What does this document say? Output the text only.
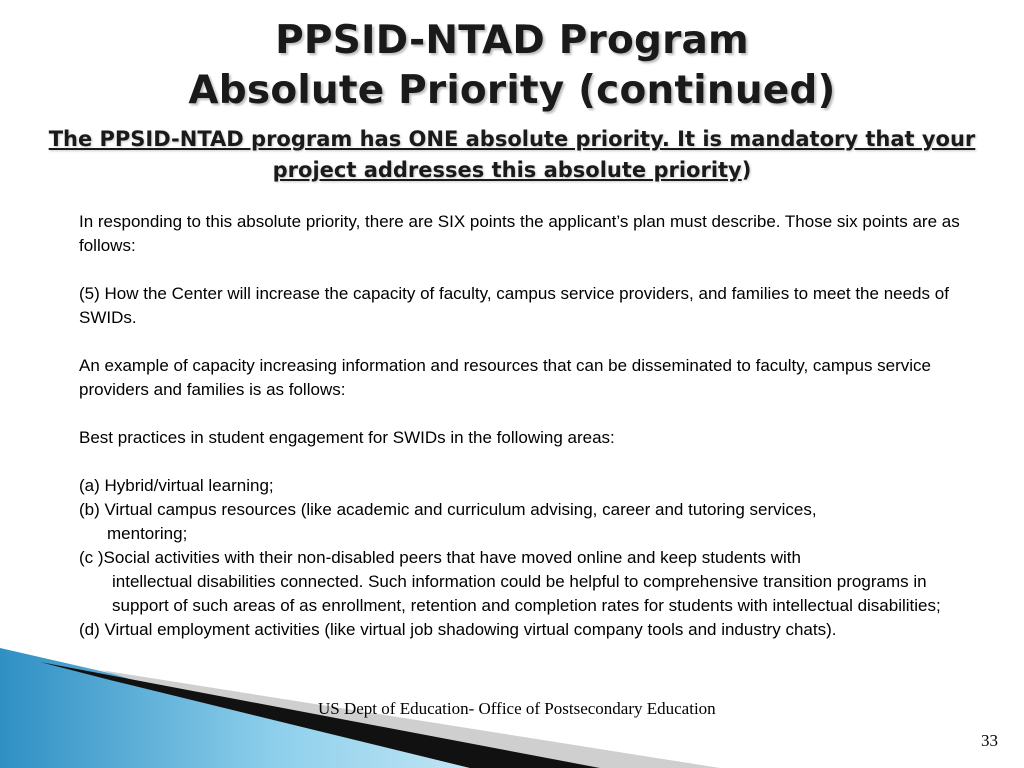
PPSID-NTAD Program
Absolute Priority (continued)
The PPSID-NTAD program has ONE absolute priority. It is mandatory that your project addresses this absolute priority)

In responding to this absolute priority, there are SIX points the applicant’s plan must describe. Those six points are as follows:

(5) How the Center will increase the capacity of faculty, campus service providers, and families to meet the needs of SWIDs.

An example of capacity increasing information and resources that can be disseminated to faculty, campus service providers and families is as follows:

Best practices in student engagement for SWIDs in the following areas:

(a) Hybrid/virtual learning;
(b) Virtual campus resources (like academic and curriculum advising, career and tutoring services,
mentoring;
(c )Social activities with their non-disabled peers that have moved online and keep students with
intellectual disabilities connected. Such information could be helpful to comprehensive transition programs in support of such areas of as enrollment, retention and completion rates for students with intellectual disabilities;
(d) Virtual employment activities (like virtual job shadowing virtual company tools and industry chats).
US Dept of Education- Office of Postsecondary Education
33
